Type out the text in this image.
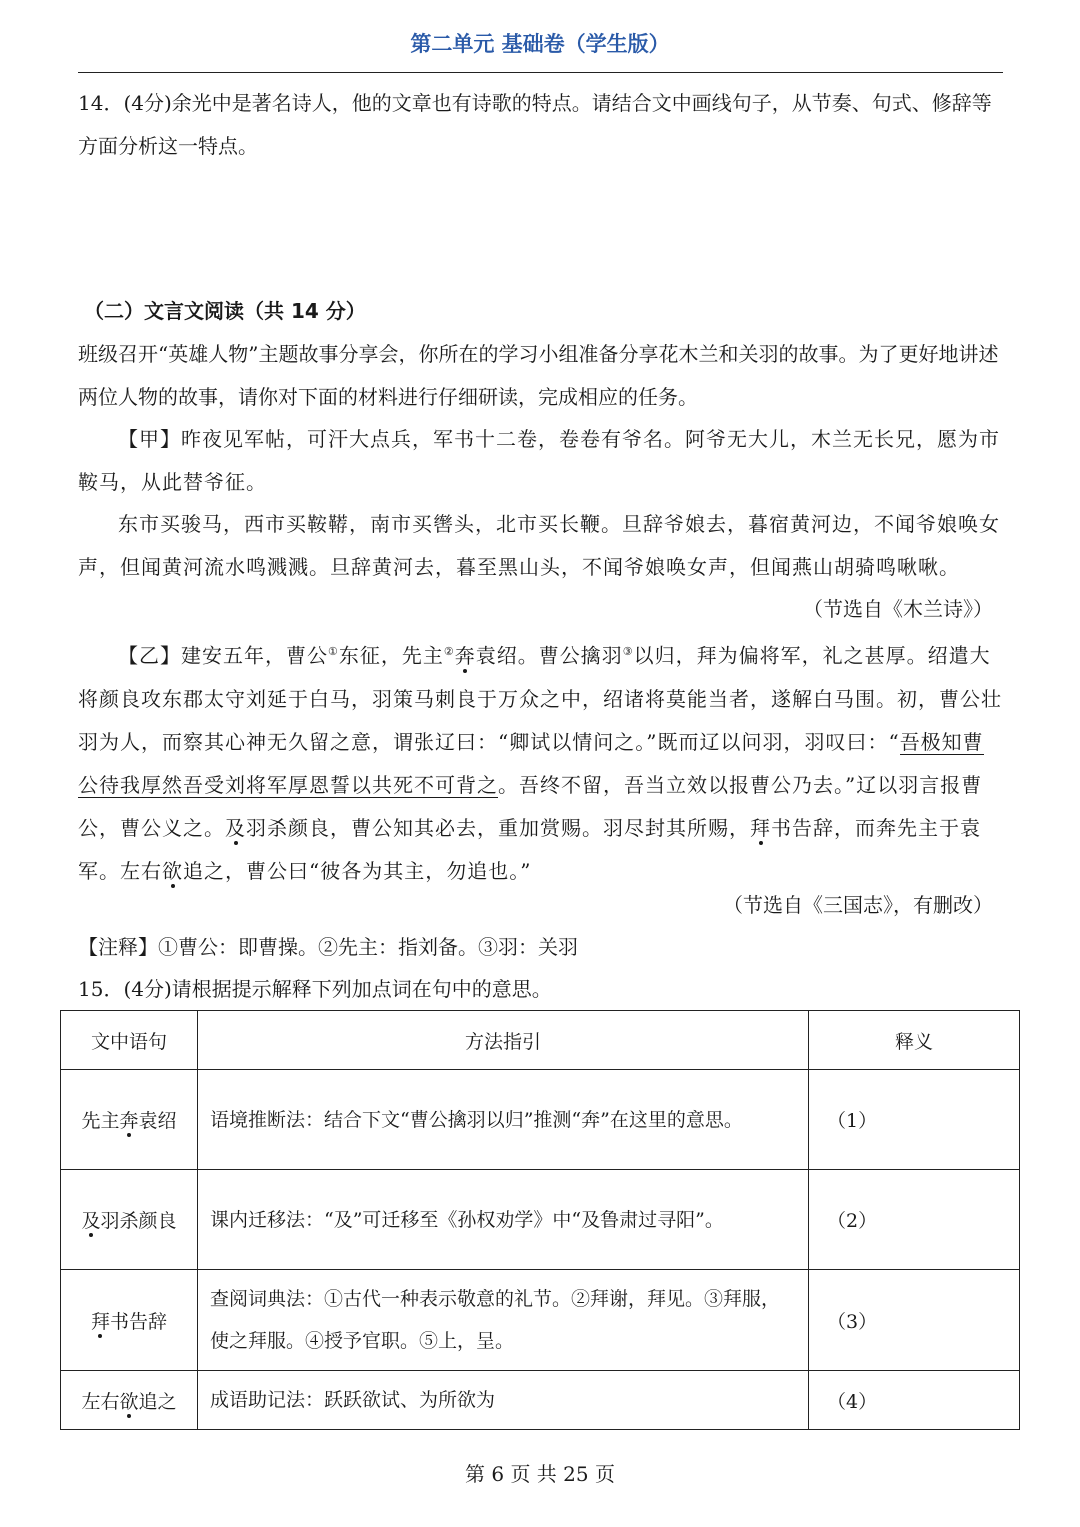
第二单元 基础卷（学生版）

14．(4分)余光中是著名诗人，他的文章也有诗歌的特点。请结合文中画线句子，从节奏、句式、修辞等方面分析这一特点。

（二）文言文阅读（共 14 分）

班级召开“英雄人物”主题故事分享会，你所在的学习小组准备分享花木兰和关羽的故事。为了更好地讲述两位人物的故事，请你对下面的材料进行仔细研读，完成相应的任务。

【甲】昨夜见军帖，可汗大点兵，军书十二卷，卷卷有爷名。阿爷无大儿，木兰无长兄，愿为市鞍马，从此替爷征。

东市买骏马，西市买鞍鞯，南市买辔头，北市买长鞭。旦辞爷娘去，暮宿黄河边，不闻爷娘唤女声，但闻黄河流水鸣溅溅。旦辞黄河去，暮至黑山头，不闻爷娘唤女声，但闻燕山胡骑鸣啾啾。

（节选自《木兰诗》）

【乙】建安五年，曹公①东征，先主②奔袁绍。曹公擒羽③以归，拜为偏将军，礼之甚厚。绍遣大将颜良攻东郡太守刘延于白马，羽策马刺良于万众之中，绍诸将莫能当者，遂解白马围。初，曹公壮羽为人，而察其心神无久留之意，谓张辽曰：“卿试以情问之。”既而辽以问羽，羽叹曰：“吾极知曹公待我厚然吾受刘将军厚恩誓以共死不可背之。吾终不留，吾当立效以报曹公乃去。”辽以羽言报曹公，曹公义之。及羽杀颜良，曹公知其必去，重加赏赐。羽尽封其所赐，拜书告辞，而奔先主于袁军。左右欲追之，曹公曰“彼各为其主，勿追也。”

（节选自《三国志》，有删改）

【注释】①曹公：即曹操。②先主：指刘备。③羽：关羽

15．(4分)请根据提示解释下列加点词在句中的意思。

文中语句	方法指引	释义
先主奔袁绍	语境推断法：结合下文“曹公擒羽以归”推测“奔”在这里的意思。	（1）
及羽杀颜良	课内迁移法：“及”可迁移至《孙权劝学》中“及鲁肃过寻阳”。	（2）
拜书告辞	查阅词典法：①古代一种表示敬意的礼节。②拜谢，拜见。③拜服，使之拜服。④授予官职。⑤上，呈。	（3）
左右欲追之	成语助记法：跃跃欲试、为所欲为	（4）
第 6 页 共 25 页
